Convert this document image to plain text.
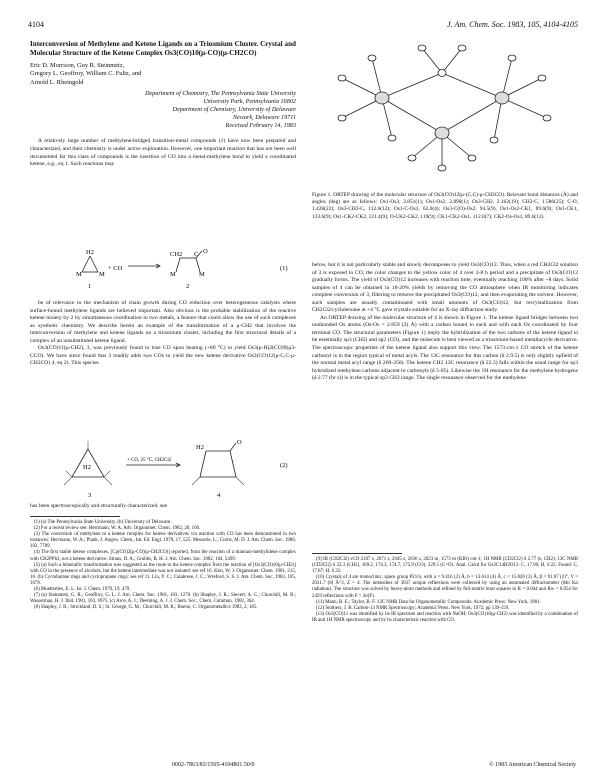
4104	J. Am. Chem. Soc. 1983, 105, 4104-4105
Interconversion of Methylene and Ketene Ligands on a Triosmium Cluster. Crystal and Molecular Structure of the Ketene Complex Os3(CO)10(μ-CO)(μ-CH2CO)
Eric D. Morrison, Guy R. Steinmetz,
Gregory L. Geoffroy, William C. Fultz, and
Arnold L. Rheingold
Department of Chemistry, The Pennsylvania State University
University Park, Pennsylvania 16802
Department of Chemistry, University of Delaware
Newark, Delaware 19711
Received February 14, 1983

A relatively large number of methylene-bridged transition-metal compounds (1) have now been prepared and characterized, and their chemistry is under active exploration. However, one important reaction that has not been well documented for this class of compounds is the insertion of CO into a metal-methylene bond to yield a coordinated ketene, e.g., eq 1. Such reactions may

H2
M	M
+ CO
CH2 C O
M	M
1	2
(1)

be of relevance to the mechanism of chain growth during CO reduction over heterogeneous catalysts where surface-bound methylene ligands are believed important. Also obvious is the probable stabilization of the reactive ketene moiety by 2 by simultaneous coordination to two metals, a feature that could allow the use of such complexes as synthetic chemistry. We describe herein an example of the transformation of a μ-CH2 that involves the interconversion of methylene and ketene ligands on a triosmium cluster, including the first structural details of a complex of an unsubstituted ketene ligand.

Os3(CO)11(μ-CH2), 3, was previously found to lose CO upon heating (+80 °C) to yield Os3(μ-H)2(CO)9(μ3-CCO). We have since found that 3 readily adds two COs to yield the new ketene derivative Os3(CO)12(μ-C,C-μ-CH2CO) 4, eq 2). This species

H2
3
+ CO, 25 °C, CH2Cl2
H2
O
4
(2)

has been spectroscopically and structurally characterized. see

(1) (a) The Pennsylvania State University. (b) University of Delaware.

(2) For a recent review see: Herrmann, W. A. Adv. Organomet. Chem. 1982, 20, 160.

(3) The conversion of methylene to a ketene complex for ketene derivatives via reaction with CO has been demonstrated in two instances: Herrmann, W. A.; Plank, J. Angew. Chem., Int. Ed. Engl. 1979, 17, 525. Messerle, L.; Curtis, M. D. J. Am. Chem. Soc. 1980, 102, 7789.

(4) The first stable ketene complexes, [Cp(CO)2(μ-CO)(μ-CH2CO)] reported, from the reaction of a titanium-methylidene complex with CH2PPh3, not a ketene derivative: Straus, D. A.; Grubbs, R. H. J. Am. Chem. Soc. 1982, 104, 5499.

(5) (a) Such a bimetallic transformation was suggested as the route to the ketene complex from the reaction of [Os3(CO)10(μ-CH2)] with CO in the presence of alcohols, but the ketene intermediate was not isolated: see ref 10. Kim, W. J. Organomet. Chem. 1981, 215, 16. (b) Cyclobutane rings and cyclopropane rings: see ref 11. Lin, Y. C.; Calabrese, J. C.; Wreford, S. S. J. Am. Chem. Soc. 1983, 105, 1679.

(6) Muetterties, E. L. Isr. J. Chem. 1979, 19, 479.

(7) (a) Steinmetz, G. R.; Geoffroy, G. L. J. Am. Chem. Soc. 1981, 103, 1278. (b) Shapley, J. R.; Sievert, A. C.; Churchill, M. R.; Wasserman, H. J. Ibid. 1981, 103, 6975. (c) Arce, A. J.; Deeming, A. J. J. Chem. Soc., Chem. Commun. 1982, 364.

(8) Shapley, J. R.; Strickland, D. S.; St. George, G. M.; Churchill, M. R.; Bueno, C. Organometallics 1983, 2, 185.

Figure 1. ORTEP drawing of the molecular structure of Os3(CO)12(μ-(C,C)-μ-CH2CO). Relevant bond distances (Å) and angles (deg) are as follows: Os1-Os3, 2.851(1); Os1-Os2, 2.890(1); Os3-CH2, 2.162(19); CH2-C, 1.586(25); C-O, 1.428(22); Os3-CH2-C, 112.6(12); Os1-C-Os3, 62.0(4); Os3-C(O)-Os2, 94.5(9), Os1-Os2-CK1, 89.6(9); Os1-CK1, 123.6(9); Os1-CK2-CK2, 121.4(9); O-CK2-CK2, 119(9); CK1-CK2-Os1, 112.0(7); CK2-Os-Os1, 89.6(12).

below, but it is not particularly stable and slowly decomposes to yield Os3(CO)12. Thus, when a red CH2Cl2 solution of 3 is exposed to CO, the color changes to the yellow color of 4 over 2-8 h period and a precipitate of Os3(CO)12 gradually forms. The yield of Os3(CO)12 increases with reaction time, eventually reaching 100% after ~8 days. Solid samples of 4 can be obtained in 18-20% yields by removing the CO atmosphere when IR monitoring indicates complete conversion of 3, filtering to remove the precipitated Os3(CO)12, and then evaporating the solvent. However, such samples are usually contaminated with small amounts of Os3(CO)12, but recrystallization from CH2Cl2/cyclohexane at +4 °C gave crystals suitable for an X-ray diffraction study.

An ORTEP drawing of the molecular structure of 4 is shown in Figure 1. The ketene ligand bridges between two nonbonded Os atoms (Os-Os = 2.859 (2) Å) with a carbon bound to each and with each Os coordinated by four terminal CO. The structural parameters (Figure 1) imply the hybridization of the two carbons of the ketene ligand to be essentially sp3 (CH2) and sp2 (CO), and the molecule is best viewed as a triosmium-based metallacycle derivative. The spectroscopic properties of the ketene ligand also support this view. The 1573-cm-1 CO stretch of the ketene carbonyl is in the region typical of metal acyls. The 13C resonance for this carbon (δ 2.9.5) is only slightly upfield of the normal metal acyl range (δ 260-350). The ketene CH2 13C resonance (δ 22.3) falls within the usual range for sp3 hybridized methylene carbons adjacent to carbonyls (δ 5-85). Likewise the 1H resonance for the methylene hydrogens (δ 2.77 (br s)) is in the typical sp3 CH2 range. The single resonance observed for the methylene

(9) IR (CH2Cl2) νCO 2107 s, 2071 s, 2045 s, 2036 s, 2023 m, 1573 m (KBr) cm-1; 1H NMR (CD2Cl2) δ 2.77 (s, CH2); 13C NMR (CD2Cl2) δ 22.3 (CH2), 169.2, 174.3, 174.7, 175.9 (CO), 229.5 (C=O). Anal. Calcd for Os3C14H2O13: C, 17.96; H, 0.22. Found: C, 17.87; H, 0.33.

(10) Crystals of 4 are monoclinic, space group P21/n, with a = 9.416 (2) Å, b = 13.614 (4) Å, c = 15.820 (3) Å, β = 91.07 (2)°, V = 2031.7 (8) Å^3, Z = 4. The intensities of 3037 unique reflections were collected by using an automated diffractometer (Mo Kα radiation). The structure was solved by heavy-atom methods and refined by full-matrix least squares to R = 0.044 and Rw = 0.054 for 2459 reflections with F > 3σ(F).

(11) Mann, B. E.; Taylor, B. F. 13C NMR Data for Organometallic Compounds; Academic Press: New York, 1981.

(12) Stothers, J. B. Carbon-13 NMR Spectroscopy; Academic Press: New York, 1972; pp 139-159.

(13) Os3(CO)11 was identified by its IR spectrum and reaction with NaOH; Os3(CO)10(μ-CH2) was identified by a combination of IR and 1H NMR spectroscopy and by its characteristic reaction with CO.

0002-7863/83/1505-4104$01.50/0	© 1983 American Chemical Society
